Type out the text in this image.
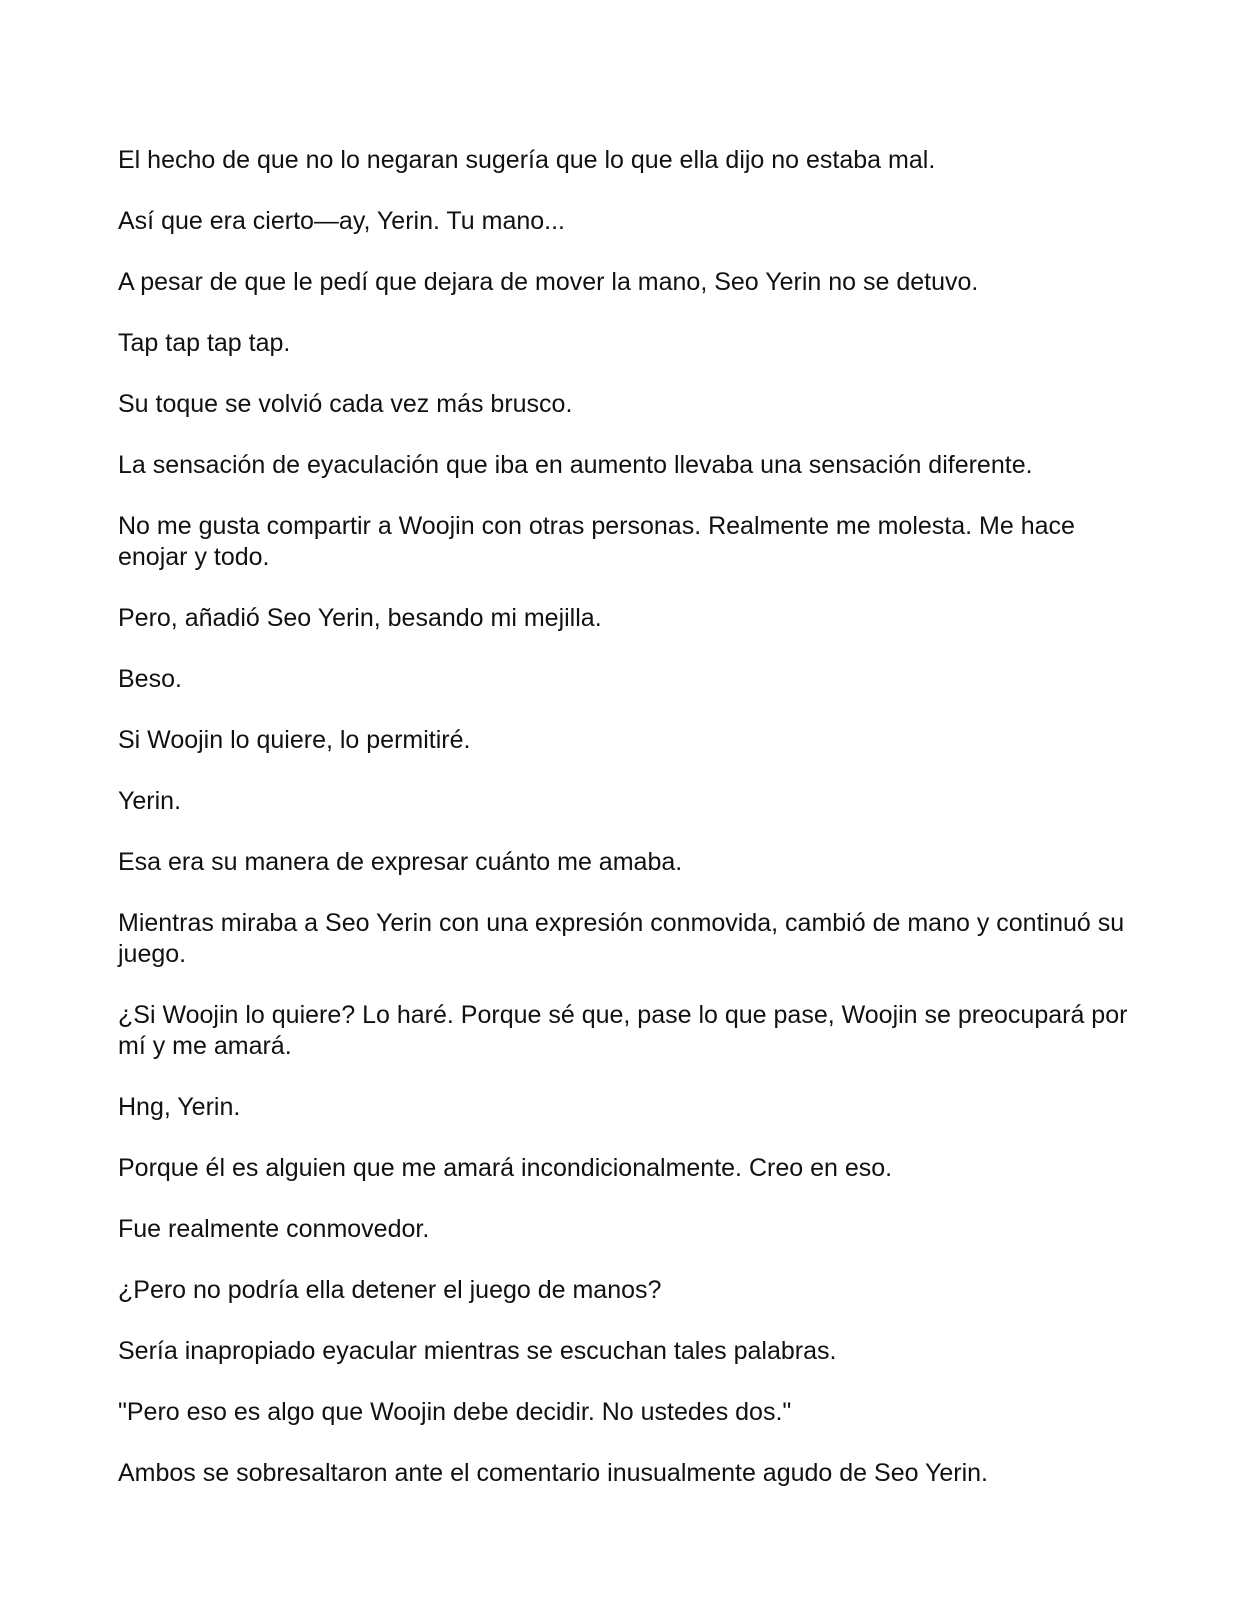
El hecho de que no lo negaran sugería que lo que ella dijo no estaba mal.

Así que era cierto—ay, Yerin. Tu mano...

A pesar de que le pedí que dejara de mover la mano, Seo Yerin no se detuvo.

Tap tap tap tap.

Su toque se volvió cada vez más brusco.

La sensación de eyaculación que iba en aumento llevaba una sensación diferente.

No me gusta compartir a Woojin con otras personas. Realmente me molesta. Me hace enojar y todo.

Pero, añadió Seo Yerin, besando mi mejilla.

Beso.

Si Woojin lo quiere, lo permitiré.

Yerin.

Esa era su manera de expresar cuánto me amaba.

Mientras miraba a Seo Yerin con una expresión conmovida, cambió de mano y continuó su juego.

¿Si Woojin lo quiere? Lo haré. Porque sé que, pase lo que pase, Woojin se preocupará por mí y me amará.

Hng, Yerin.

Porque él es alguien que me amará incondicionalmente. Creo en eso.

Fue realmente conmovedor.

¿Pero no podría ella detener el juego de manos?

Sería inapropiado eyacular mientras se escuchan tales palabras.

"Pero eso es algo que Woojin debe decidir. No ustedes dos."

Ambos se sobresaltaron ante el comentario inusualmente agudo de Seo Yerin.
